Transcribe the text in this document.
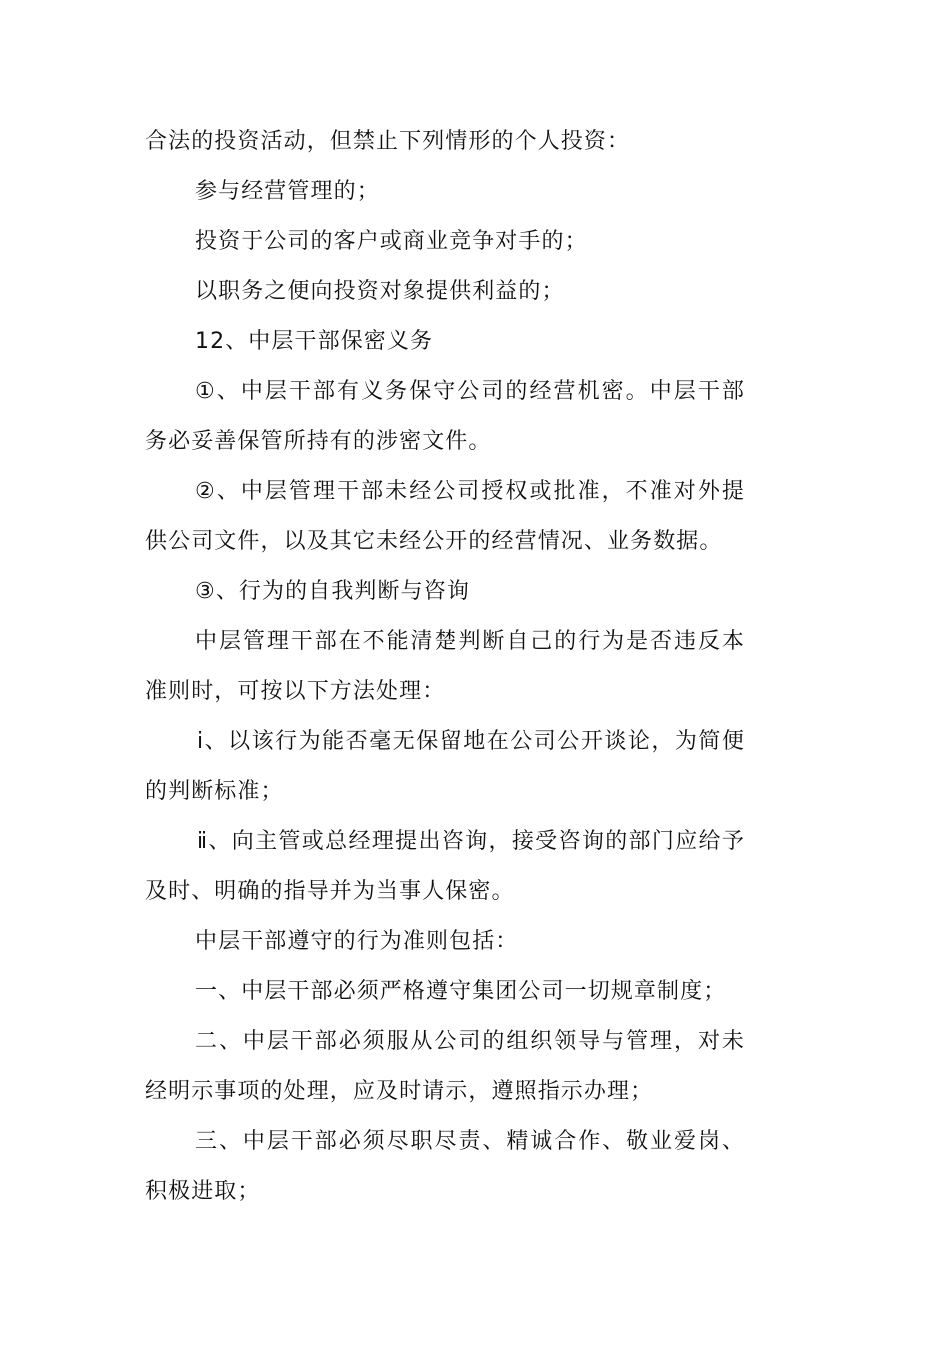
合法的投资活动，但禁止下列情形的个人投资：

参与经营管理的；

投资于公司的客户或商业竞争对手的；

以职务之便向投资对象提供利益的；

12、中层干部保密义务

①、中层干部有义务保守公司的经营机密。中层干部务必妥善保管所持有的涉密文件。

②、中层管理干部未经公司授权或批准，不准对外提供公司文件，以及其它未经公开的经营情况、业务数据。

③、行为的自我判断与咨询

中层管理干部在不能清楚判断自己的行为是否违反本准则时，可按以下方法处理：

ⅰ、以该行为能否毫无保留地在公司公开谈论，为简便的判断标准；

ⅱ、向主管或总经理提出咨询，接受咨询的部门应给予及时、明确的指导并为当事人保密。

中层干部遵守的行为准则包括：

一、中层干部必须严格遵守集团公司一切规章制度；

二、中层干部必须服从公司的组织领导与管理，对未经明示事项的处理，应及时请示，遵照指示办理；

三、中层干部必须尽职尽责、精诚合作、敬业爱岗、积极进取；
